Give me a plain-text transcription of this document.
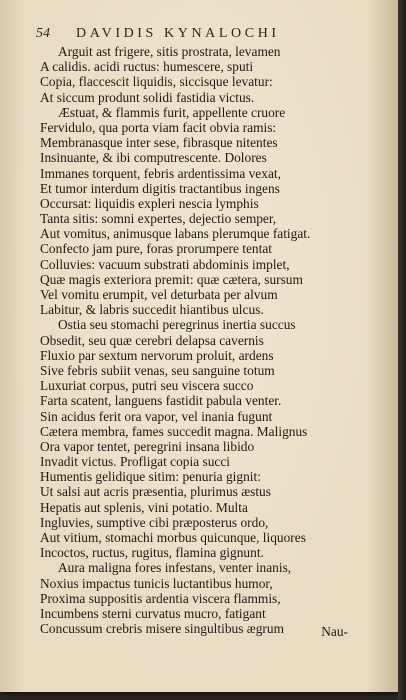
54 DAVIDIS KYNALOCHI
Arguit ast frigere, sitis prostrata, levamen
A calidis. acidi ructus: humescere, sputi
Copia, flaccescit liquidis, siccisque levatur:
At siccum produnt solidi fastidia victus.
Æstuat, & flammis furit, appellente cruore
Fervidulo, qua porta viam facit obvia ramis:
Membranasque inter sese, fibrasque nitentes
Insinuante, & ibi computrescente. Dolores
Immanes torquent, febris ardentissima vexat,
Et tumor interdum digitis tractantibus ingens
Occursat: liquidis expleri nescia lymphis
Tanta sitis: somni expertes, dejectio semper,
Aut vomitus, animusque labans plerumque fatigat.
Confecto jam pure, foras prorumpere tentat
Colluvies: vacuum substrati abdominis implet,
Quæ magis exteriora premit: quæ cætera, sursum
Vel vomitu erumpit, vel deturbata per alvum
Labitur, & labris succedit hiantibus ulcus.
Ostia seu stomachi peregrinus inertia succus
Obsedit, seu quæ cerebri delapsa cavernis
Fluxio par sextum nervorum proluit, ardens
Sive febris subiit venas, seu sanguine totum
Luxuriat corpus, putri seu viscera succo
Farta scatent, languens fastidit pabula venter.
Sin acidus ferit ora vapor, vel inania fugunt
Cætera membra, fames succedit magna. Malignus
Ora vapor tentet, peregrini insana libido
Invadit victus. Profligat copia succi
Humentis gelidique sitim: penuria gignit:
Ut salsi aut acris præsentia, plurimus æstus
Hepatis aut splenis, vini potatio. Multa
Ingluvies, sumptive cibi præposterus ordo,
Aut vitium, stomachi morbus quicunque, liquores
Incoctos, ructus, rugitus, flamina gignunt.
Aura maligna fores infestans, venter inanis,
Noxius impactus tunicis luctantibus humor,
Proxima suppositis ardentia viscera flammis,
Incumbens sterni curvatus mucro, fatigant
Concussum crebris misere singultibus ægrum	Nau-
